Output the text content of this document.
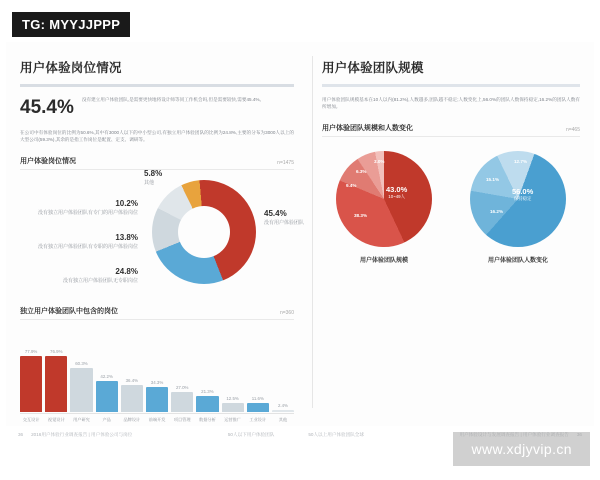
TG: MYYJJPPP
用户体验岗位情况
45.4% 没有建立用户体验团队,是需要更快地将设计师等同工作机会吗,但是需要较快,需要45.4%。
在公司中有体验岗位的比例为50.6%,其中有3000人以下的中小型公司,有独立用户体验团队的比例为24.8%,主要的分布为3000人以上的大型公司(59.3%),其余的是指工作岗位是配置、定支、调研等。
用户体验岗位情况	n=1475
5.8%
其他
45.4%
没有用户体验团队
10.2%
没有独立用户体验团队有专门的用户体验岗位
13.8%
没有独立用户体验团队有专职的用户体验岗位
24.8%
没有独立用户体验团队无专职岗位
独立用户体验团队中包含的岗位	n=360
77.9%	76.9%
60.3%
42.2%
36.4%	34.3%
27.0%
21.3%
12.5%	11.6%
2.4%
交互设计	视觉设计	用户研究	产品	品牌设计	前端开发	项目管理	数据分析	运营推广	工业设计	其他
用户体验团队规模
用户体验团队规模基本在10人以内(81.2%),人数越多,团队越不稳定;人数变化上,56.0%的团队人数保持稳定,16.2%的团队人数有所增加。
用户体验团队规模和人数变化	n=465
43.0%
10~49人
38.3%
9.4%
6.3%
3.0%
用户体验团队规模
56.0%
保持稳定
12.7%
15.1%
16.2%
用户体验团队人数变化
36 2016用户体验行业调查报告 | 用户体验公司与岗位	50人以下用户体验团队	50人以上用户体验团队全球
www.xdjyvip.cn
